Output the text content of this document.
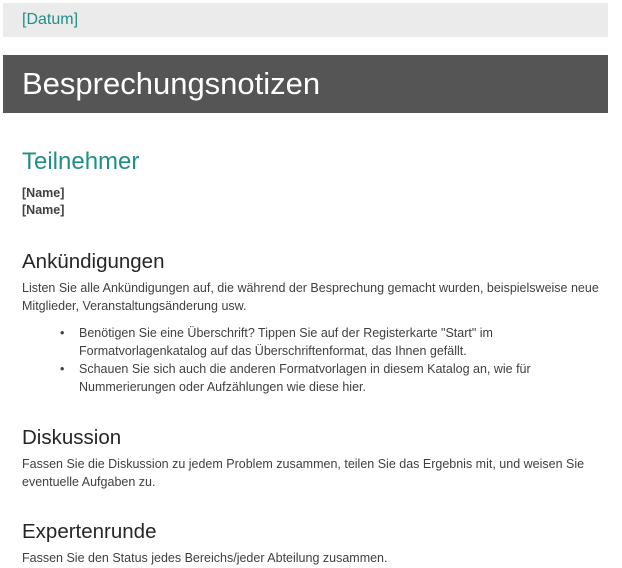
[Datum]
Besprechungsnotizen
Teilnehmer
[Name]
[Name]
Ankündigungen
Listen Sie alle Ankündigungen auf, die während der Besprechung gemacht wurden, beispielsweise neue Mitglieder, Veranstaltungsänderung usw.
• Benötigen Sie eine Überschrift? Tippen Sie auf der Registerkarte "Start" im Formatvorlagenkatalog auf das Überschriftenformat, das Ihnen gefällt.
• Schauen Sie sich auch die anderen Formatvorlagen in diesem Katalog an, wie für Nummerierungen oder Aufzählungen wie diese hier.
Diskussion
Fassen Sie die Diskussion zu jedem Problem zusammen, teilen Sie das Ergebnis mit, und weisen Sie eventuelle Aufgaben zu.
Expertenrunde
Fassen Sie den Status jedes Bereichs/jeder Abteilung zusammen.
